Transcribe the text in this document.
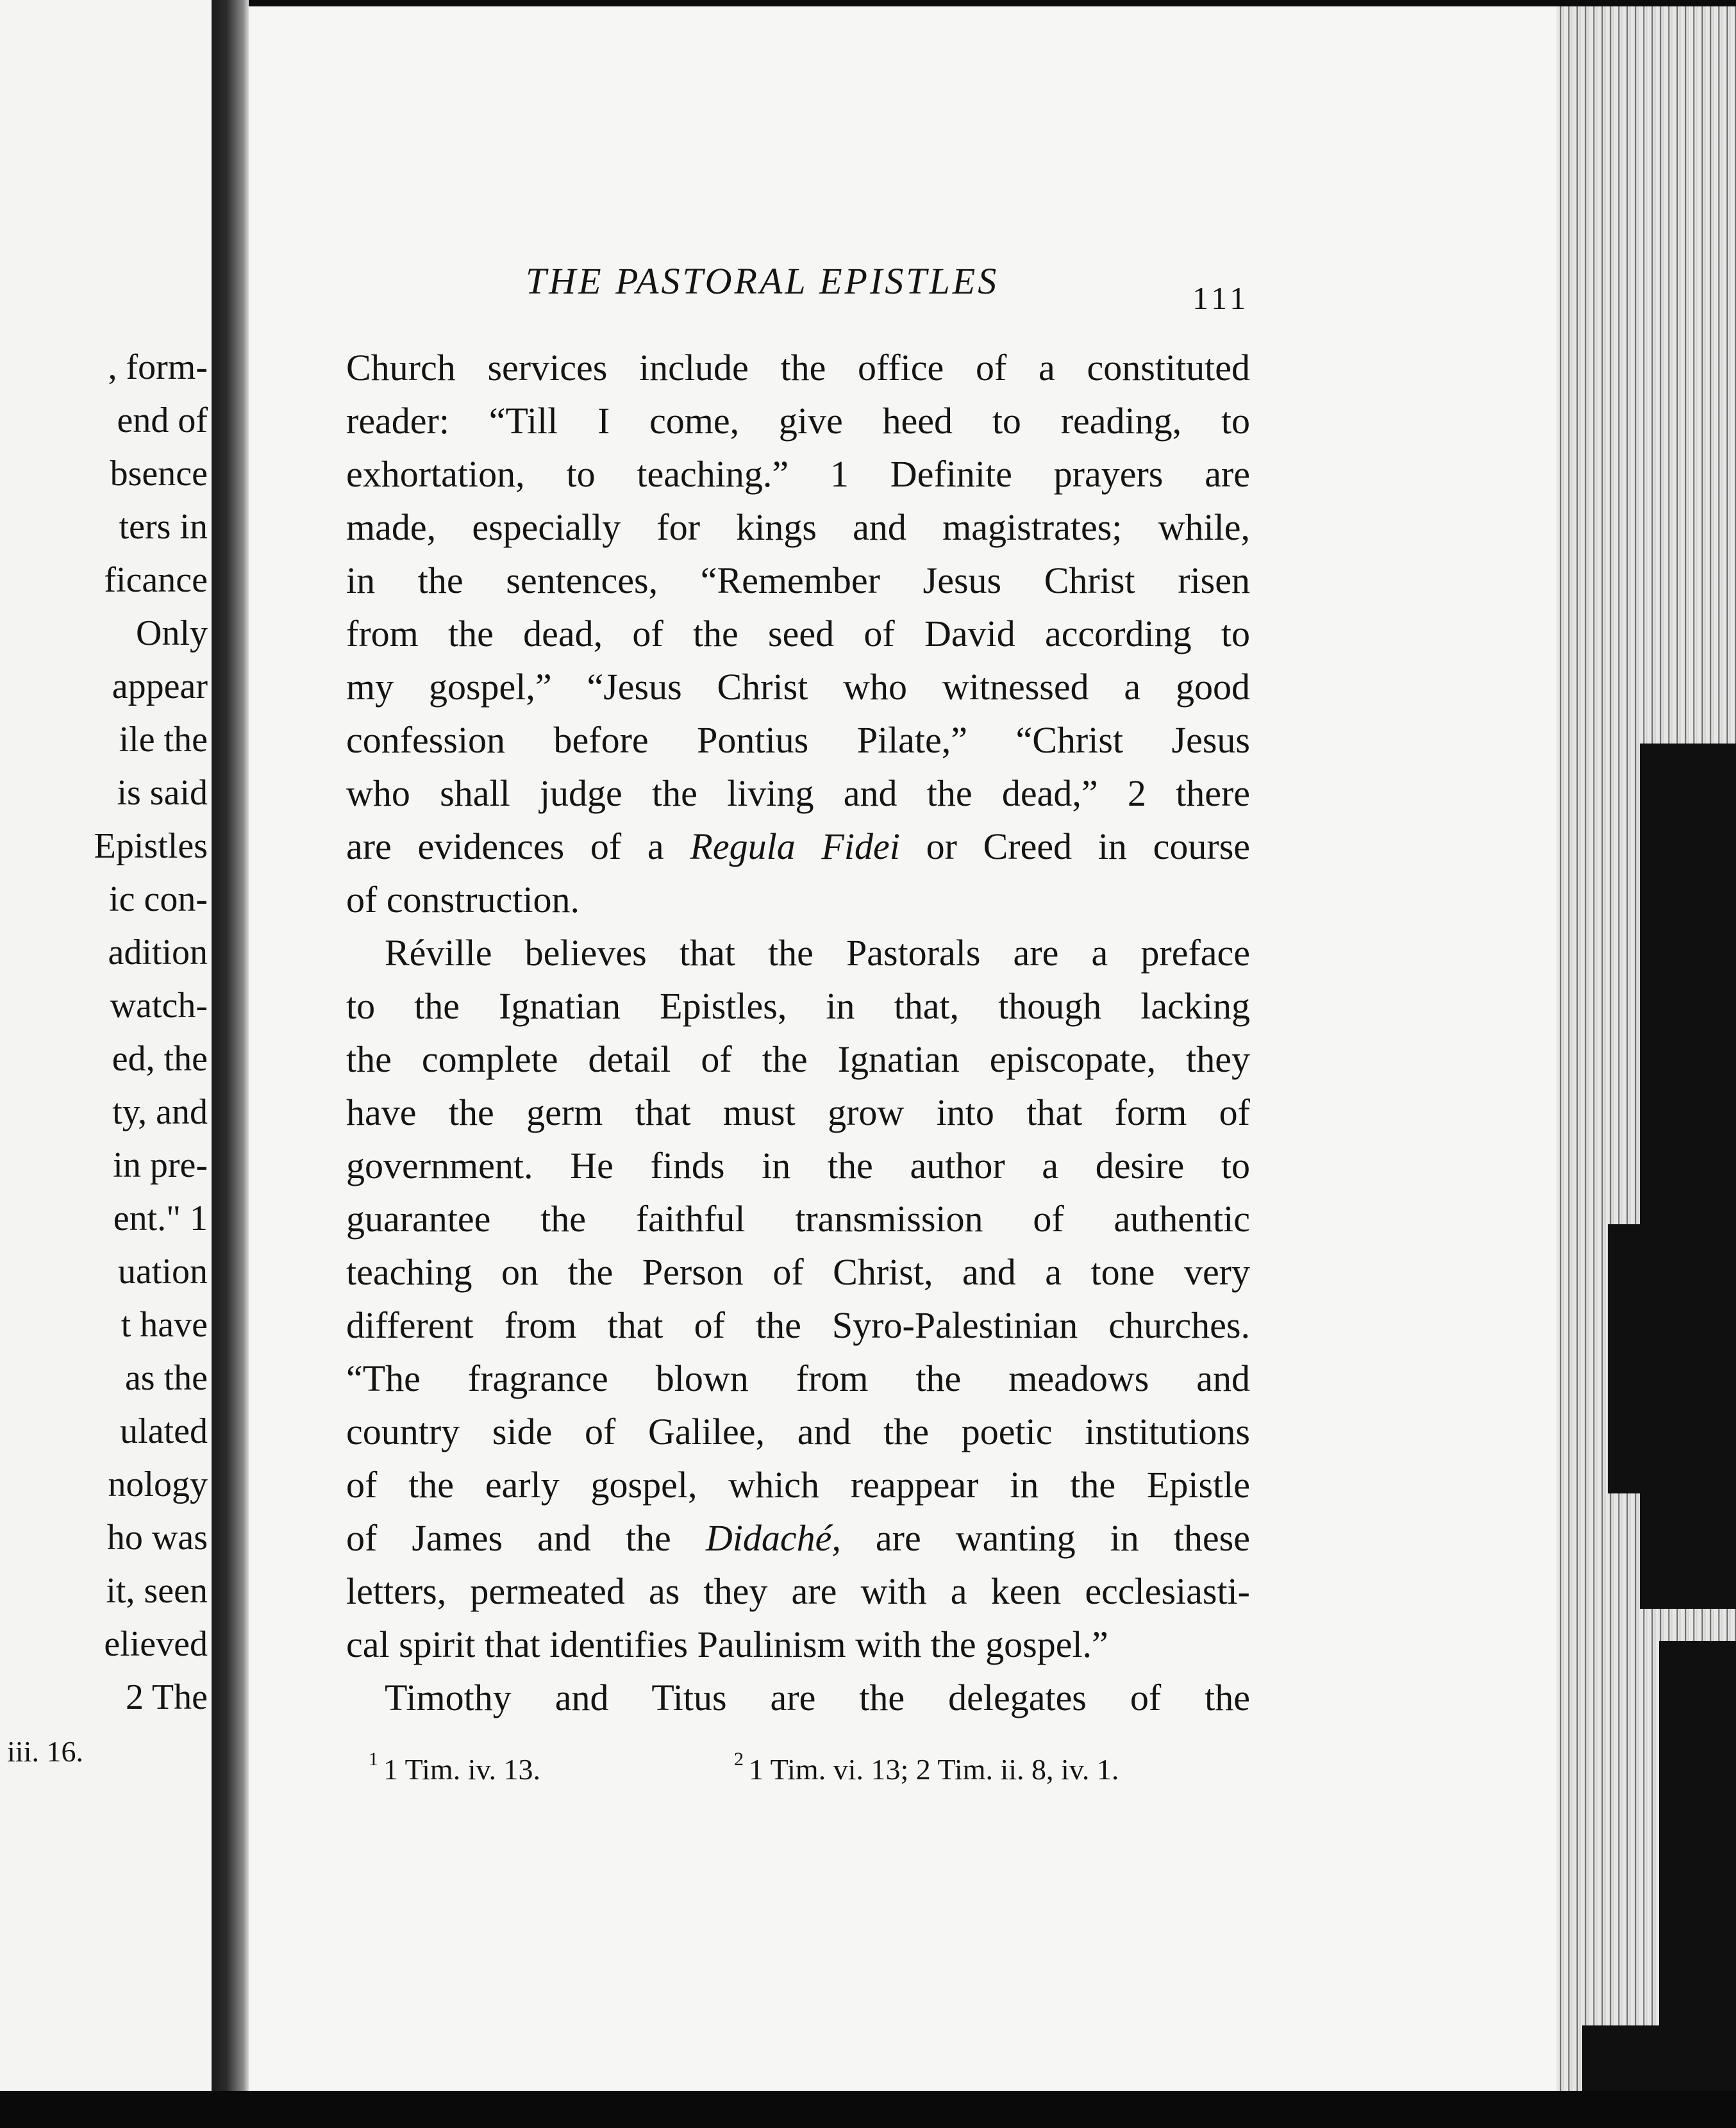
, form-
end of
bsence
ters in
ficance
Only
appear
ile the
is said
Epistles
ic con-
adition
watch-
ed, the
ty, and
in pre-
ent." 1
uation
t have
as the
ulated
nology
ho was
it, seen
elieved
2 The
iii. 16.
THE PASTORAL EPISTLES	111
Church services include the office of a constituted
reader: “Till I come, give heed to reading, to
exhortation, to teaching.” 1 Definite prayers are
made, especially for kings and magistrates; while,
in the sentences, “Remember Jesus Christ risen
from the dead, of the seed of David according to
my gospel,” “Jesus Christ who witnessed a good
confession before Pontius Pilate,” “Christ Jesus
who shall judge the living and the dead,” 2 there
are evidences of a Regula Fidei or Creed in course
of construction.
Réville believes that the Pastorals are a preface
to the Ignatian Epistles, in that, though lacking
the complete detail of the Ignatian episcopate, they
have the germ that must grow into that form of
government. He finds in the author a desire to
guarantee the faithful transmission of authentic
teaching on the Person of Christ, and a tone very
different from that of the Syro-Palestinian churches.
“The fragrance blown from the meadows and
country side of Galilee, and the poetic institutions
of the early gospel, which reappear in the Epistle
of James and the Didaché, are wanting in these
letters, permeated as they are with a keen ecclesiasti-
cal spirit that identifies Paulinism with the gospel.”
Timothy and Titus are the delegates of the
$^1$ 1 Tim. iv. 13.	$^2$ 1 Tim. vi. 13; 2 Tim. ii. 8, iv. 1.
